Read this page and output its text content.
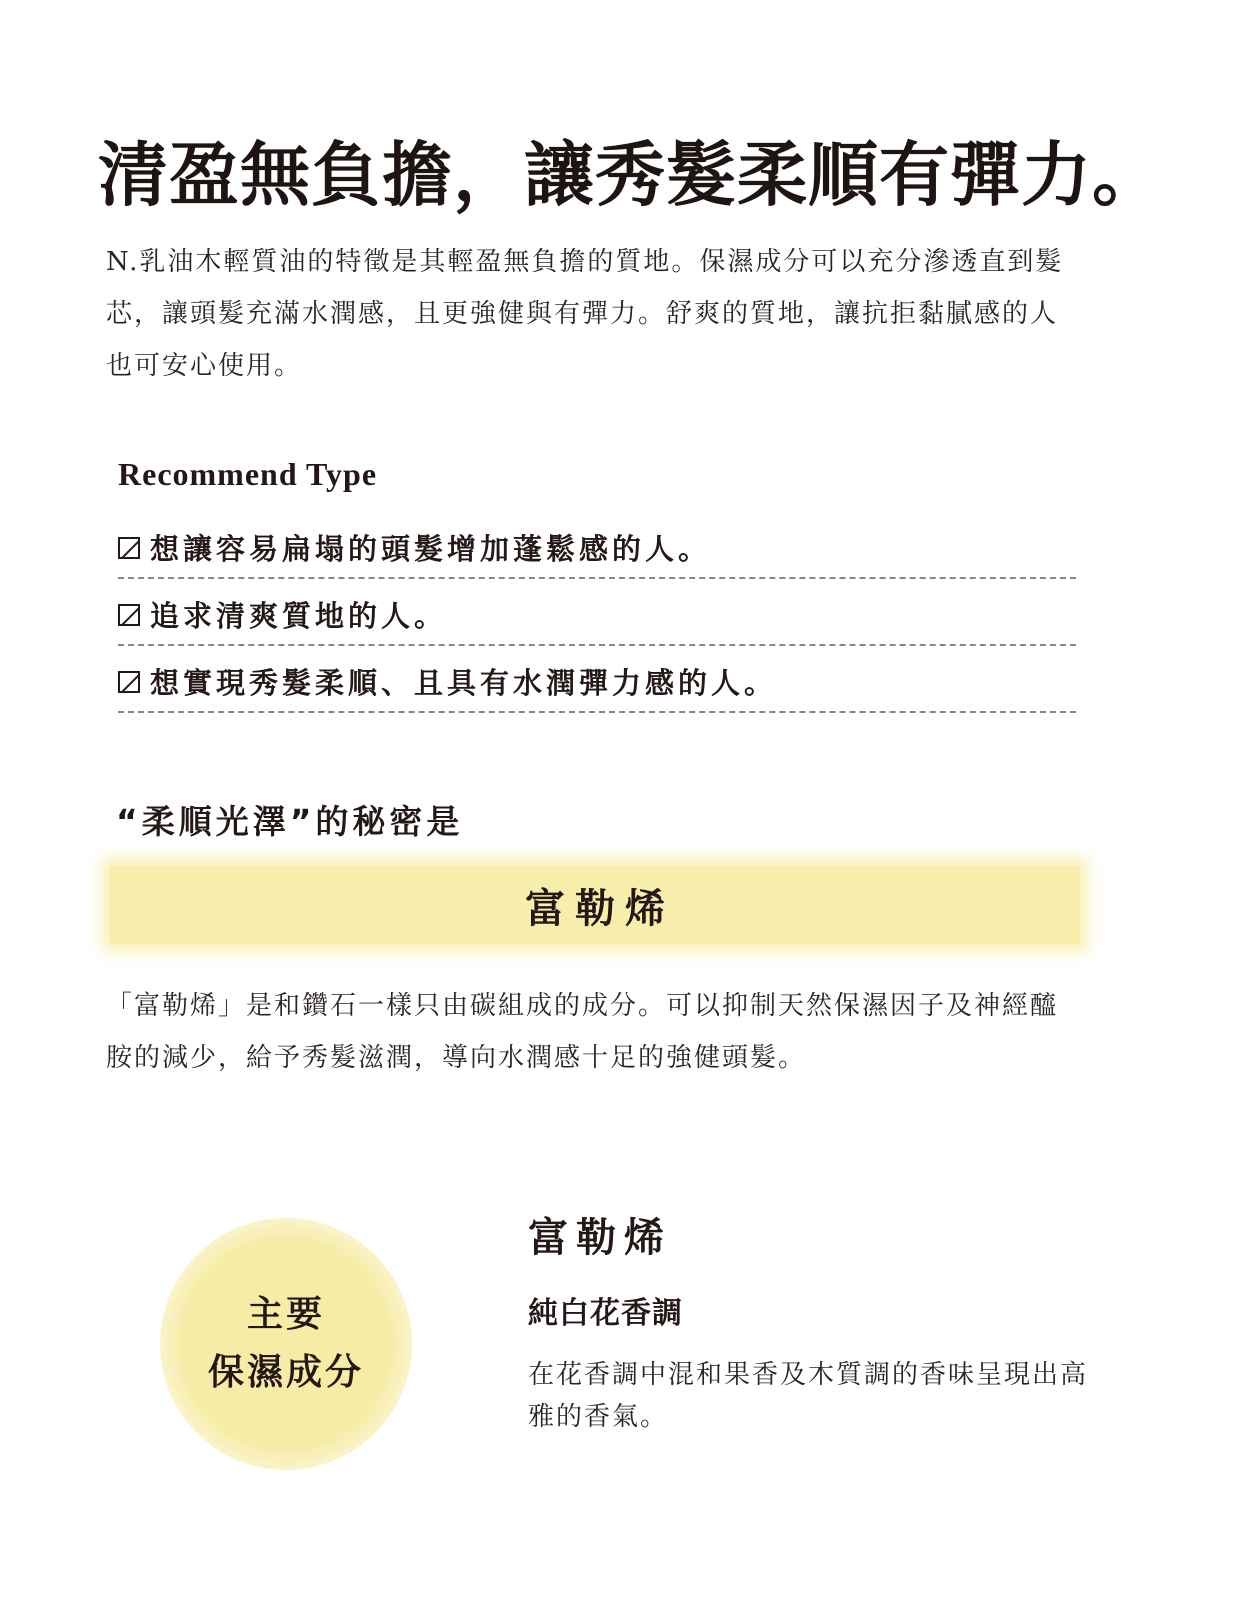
清盈無負擔，讓秀髮柔順有彈力。

N.乳油木輕質油的特徵是其輕盈無負擔的質地。保濕成分可以充分滲透直到髮芯，讓頭髮充滿水潤感，且更強健與有彈力。舒爽的質地，讓抗拒黏膩感的人也可安心使用。

Recommend Type
想讓容易扁塌的頭髮增加蓬鬆感的人。
追求清爽質地的人。
想實現秀髮柔順、且具有水潤彈力感的人。
“柔順光澤”的秘密是
富勒烯

「富勒烯」是和鑽石一樣只由碳組成的成分。可以抑制天然保濕因子及神經醯胺的減少，給予秀髮滋潤，導向水潤感十足的強健頭髮。

主要
保濕成分
富勒烯
純白花香調

在花香調中混和果香及木質調的香味呈現出高雅的香氣。
